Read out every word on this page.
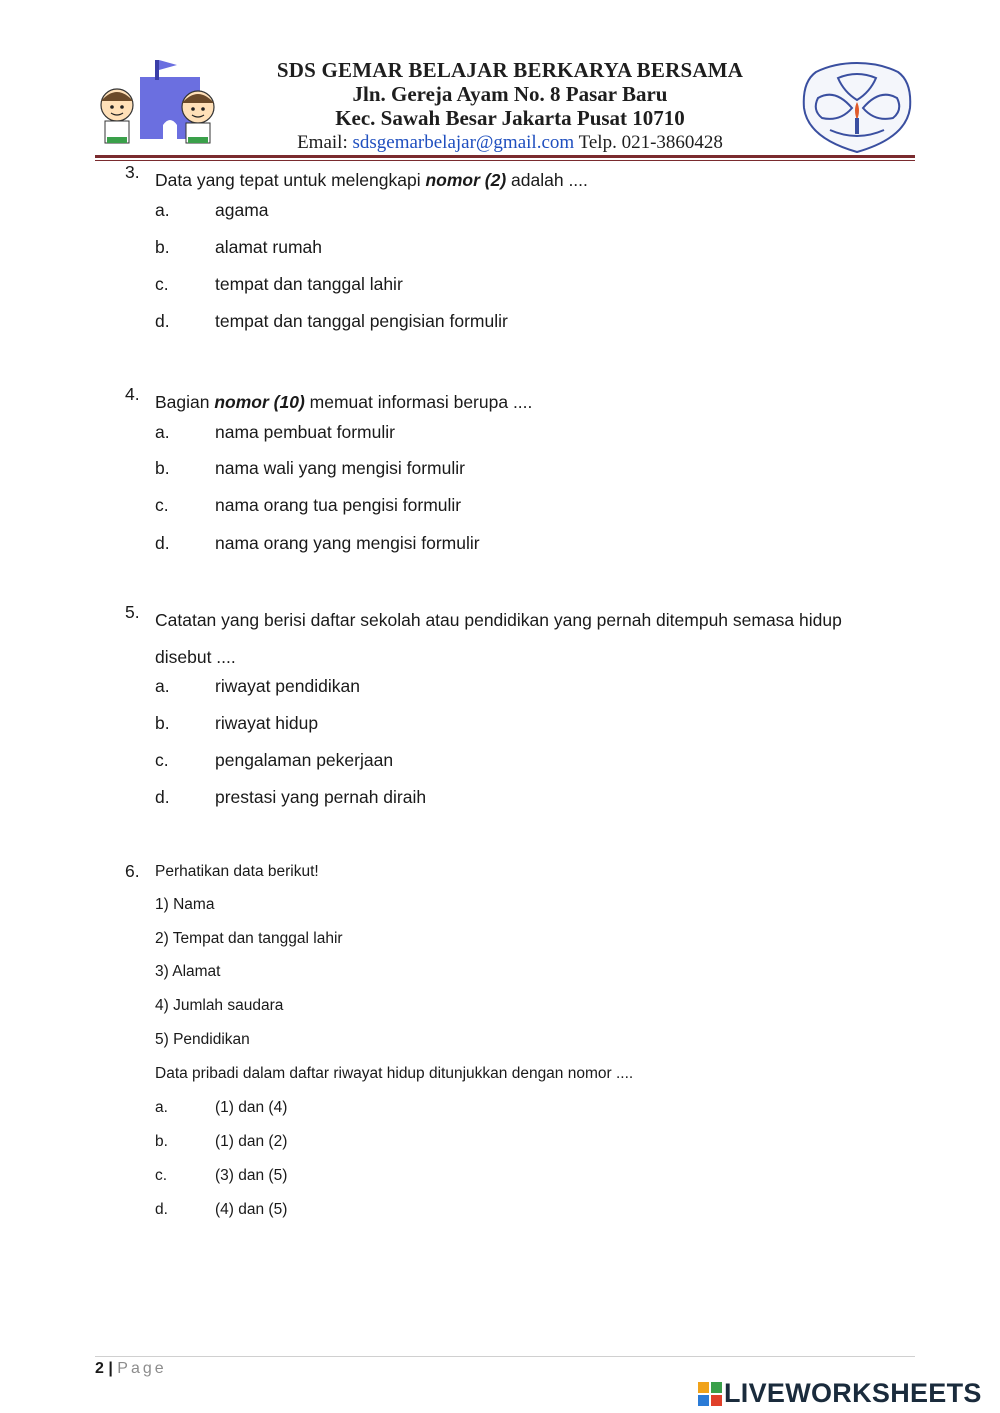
SDS GEMAR BELAJAR BERKARYA BERSAMA
Jln. Gereja Ayam No. 8 Pasar Baru
Kec. Sawah Besar Jakarta Pusat 10710
Email: sdsgemarbelajar@gmail.com Telp. 021-3860428
3. Data yang tepat untuk melengkapi nomor (2) adalah ....
a.	agama
b.	alamat rumah
c.	tempat dan tanggal lahir
d.	tempat dan tanggal pengisian formulir
4. Bagian nomor (10) memuat informasi berupa ....
a.	nama pembuat formulir
b.	nama wali yang mengisi formulir
c.	nama orang tua pengisi formulir
d.	nama orang yang mengisi formulir
5. Catatan yang berisi daftar sekolah atau pendidikan yang pernah ditempuh semasa hidup
disebut ....
a.	riwayat pendidikan
b.	riwayat hidup
c.	pengalaman pekerjaan
d.	prestasi yang pernah diraih
6. Perhatikan data berikut!
1) Nama
2) Tempat dan tanggal lahir
3) Alamat
4) Jumlah saudara
5) Pendidikan
Data pribadi dalam daftar riwayat hidup ditunjukkan dengan nomor ....
a.	(1) dan (4)
b.	(1) dan (2)
c.	(3) dan (5)
d.	(4) dan (5)
2 | Page
LIVEWORKSHEETS
